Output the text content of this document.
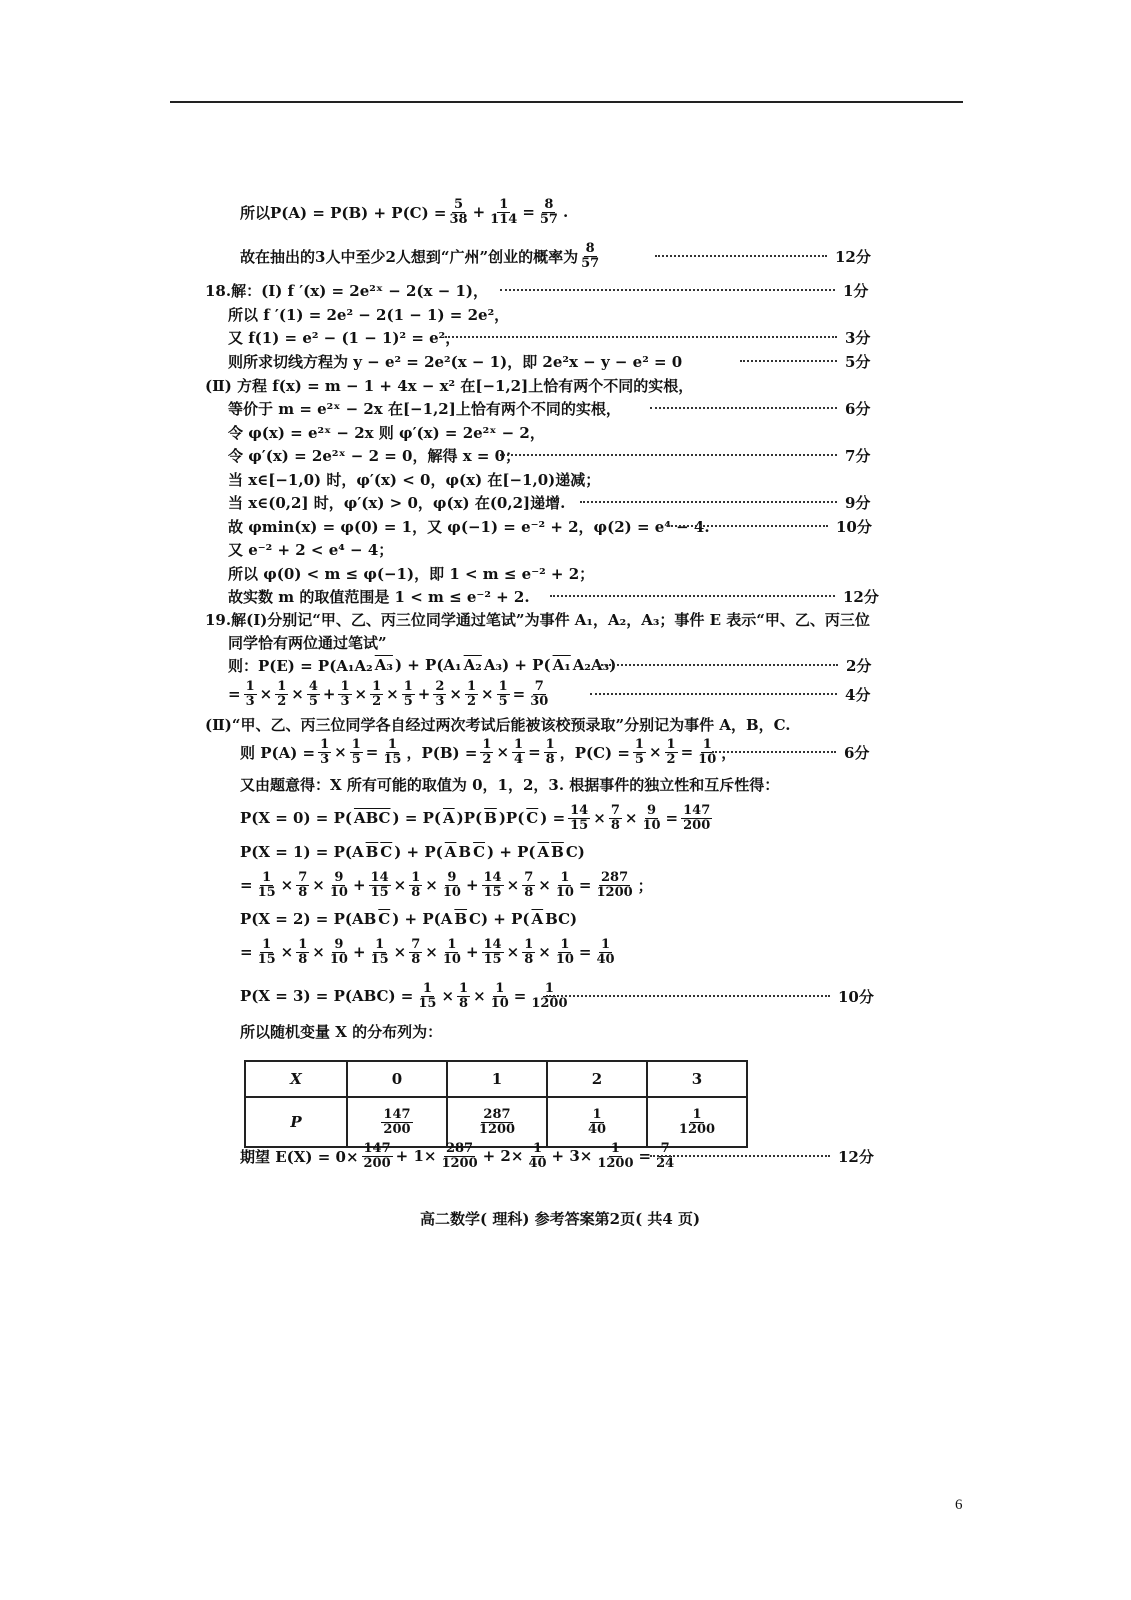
所以$P(A) = P(B) + P(C) = \frac{5}{38} + \frac{1}{114} = \frac{8}{57}$ .
故在抽出的3人中至少2人想到“广州”创业的概率为 $\frac{8}{57}$	12分
18.解：(Ⅰ) f ′(x) = 2e²ˣ − 2(x − 1)，	1分
所以 f ′(1) = 2e² − 2(1 − 1) = 2e²，
又 f(1) = e² − (1 − 1)² = e²，	3分
则所求切线方程为 y − e² = 2e²(x − 1)，即 2e²x − y − e² = 0	5分
(Ⅱ) 方程 f(x) = m − 1 + 4x − x² 在[−1,2]上恰有两个不同的实根，
等价于 m = e²ˣ − 2x 在[−1,2]上恰有两个不同的实根，	6分
令 φ(x) = e²ˣ − 2x 则 φ′(x) = 2e²ˣ − 2，
令 φ′(x) = 2e²ˣ − 2 = 0，解得 x = 0；	7分
当 x∈[−1,0) 时，φ′(x) < 0，φ(x) 在[−1,0)递减；
当 x∈(0,2] 时，φ′(x) > 0，φ(x) 在(0,2]递增.	9分
故 φmin(x) = φ(0) = 1，又 φ(−1) = e⁻² + 2，φ(2) = e⁴ − 4.	10分
又 e⁻² + 2 < e⁴ − 4；
所以 φ(0) < m ≤ φ(−1)，即 1 < m ≤ e⁻² + 2；
故实数 m 的取值范围是 1 < m ≤ e⁻² + 2.	12分
19.解(Ⅰ)分别记“甲、乙、丙三位同学通过笔试”为事件 A₁，A₂，A₃；事件 E 表示“甲、乙、丙三位
同学恰有两位通过笔试”
则：P(E) = P(A₁A₂ A₃ ) + P(A₁ A₂ A₃) + P( A₁ A₂A₃)	2分
= $\frac{1}{3} \times \frac{1}{2} \times \frac{4}{5} + \frac{1}{3} \times \frac{1}{2} \times \frac{1}{5} + \frac{2}{3} \times \frac{1}{2} \times \frac{1}{5} = \frac{7}{30}$	4分
(Ⅱ)“甲、乙、丙三位同学各自经过两次考试后能被该校预录取”分别记为事件 A，B，C.
则 $P(A) = \frac{1}{3} \times \frac{1}{5} = \frac{1}{15}$ ，$P(B) = \frac{1}{2} \times \frac{1}{4} = \frac{1}{8}$ ，$P(C) = \frac{1}{5} \times \frac{1}{2} = \frac{1}{10}$ ，	6分
又由题意得：X 所有可能的取值为 0，1，2，3. 根据事件的独立性和互斥性得：
P(X = 0) = P( $\overline{ABC}$ ) = P( $\overline{A}$ )P( $\overline{B}$ )P( $\overline{C}$ ) = $\frac{14}{15} \times \frac{7}{8} \times \frac{9}{10} = \frac{147}{200}$
P(X = 1) = P(A $\overline{B}$ $\overline{C}$ ) + P( $\overline{A}$ B $\overline{C}$ ) + P( $\overline{A}$ $\overline{B}$ C)
= $\frac{1}{15} \times \frac{7}{8} \times \frac{9}{10} + \frac{14}{15} \times \frac{1}{8} \times \frac{9}{10} + \frac{14}{15} \times \frac{7}{8} \times \frac{1}{10} = \frac{287}{1200}$ ；
P(X = 2) = P(AB $\overline{C}$ ) + P(A $\overline{B}$ C) + P( $\overline{A}$ BC)
= $\frac{1}{15} \times \frac{1}{8} \times \frac{9}{10} + \frac{1}{15} \times \frac{7}{8} \times \frac{1}{10} + \frac{14}{15} \times \frac{1}{8} \times \frac{1}{10} = \frac{1}{40}$
$P(X = 3) = P(ABC) = \frac{1}{15} \times \frac{1}{8} \times \frac{1}{10} = \frac{1}{1200}$	10分
所以随机变量 X 的分布列为：
X	0	1	2	3
P	$\frac{147}{200}$	$\frac{287}{1200}$	$\frac{1}{40}$	$\frac{1}{1200}$
期望 $E(X) = 0\times \frac{147}{200} + 1\times \frac{287}{1200} + 2\times \frac{1}{40} + 3\times \frac{1}{1200} = \frac{7}{24}$	12分
高二数学( 理科) 参考答案第2页( 共4 页)
6
